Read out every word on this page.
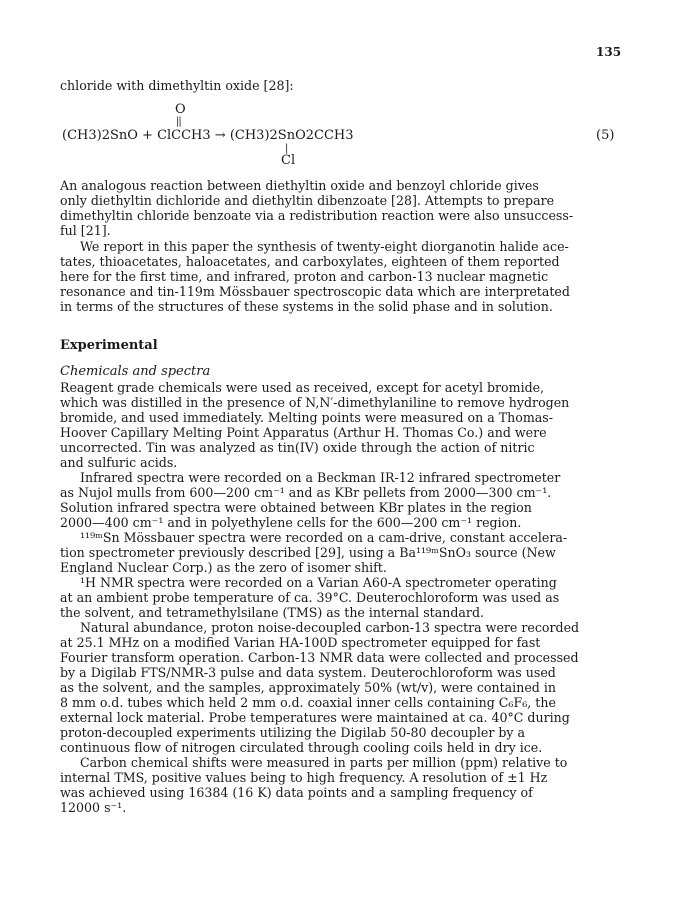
135
chloride with dimethyltin oxide [28]:
O
||
(CH3)2SnO + ClCCH3 → (CH3)2SnO2CCH3	(5)
|
Cl
An analogous reaction between diethyltin oxide and benzoyl chloride gives
only diethyltin dichloride and diethyltin dibenzoate [28]. Attempts to prepare
dimethyltin chloride benzoate via a redistribution reaction were also unsuccess-
ful [21].
We report in this paper the synthesis of twenty-eight diorganotin halide ace-
tates, thioacetates, haloacetates, and carboxylates, eighteen of them reported
here for the first time, and infrared, proton and carbon-13 nuclear magnetic
resonance and tin-119m Mössbauer spectroscopic data which are interpretated
in terms of the structures of these systems in the solid phase and in solution.
Experimental
Chemicals and spectra
Reagent grade chemicals were used as received, except for acetyl bromide,
which was distilled in the presence of N,N′-dimethylaniline to remove hydrogen
bromide, and used immediately. Melting points were measured on a Thomas-
Hoover Capillary Melting Point Apparatus (Arthur H. Thomas Co.) and were
uncorrected. Tin was analyzed as tin(IV) oxide through the action of nitric
and sulfuric acids.
Infrared spectra were recorded on a Beckman IR-12 infrared spectrometer
as Nujol mulls from 600—200 cm⁻¹ and as KBr pellets from 2000—300 cm⁻¹.
Solution infrared spectra were obtained between KBr plates in the region
2000—400 cm⁻¹ and in polyethylene cells for the 600—200 cm⁻¹ region.
¹¹⁹ᵐSn Mössbauer spectra were recorded on a cam-drive, constant accelera-
tion spectrometer previously described [29], using a Ba¹¹⁹ᵐSnO₃ source (New
England Nuclear Corp.) as the zero of isomer shift.
¹H NMR spectra were recorded on a Varian A60-A spectrometer operating
at an ambient probe temperature of ca. 39°C. Deuterochloroform was used as
the solvent, and tetramethylsilane (TMS) as the internal standard.
Natural abundance, proton noise-decoupled carbon-13 spectra were recorded
at 25.1 MHz on a modified Varian HA-100D spectrometer equipped for fast
Fourier transform operation. Carbon-13 NMR data were collected and processed
by a Digilab FTS/NMR-3 pulse and data system. Deuterochloroform was used
as the solvent, and the samples, approximately 50% (wt/v), were contained in
8 mm o.d. tubes which held 2 mm o.d. coaxial inner cells containing C₆F₆, the
external lock material. Probe temperatures were maintained at ca. 40°C during
proton-decoupled experiments utilizing the Digilab 50-80 decoupler by a
continuous flow of nitrogen circulated through cooling coils held in dry ice.
Carbon chemical shifts were measured in parts per million (ppm) relative to
internal TMS, positive values being to high frequency. A resolution of ±1 Hz
was achieved using 16384 (16 K) data points and a sampling frequency of
12000 s⁻¹.
